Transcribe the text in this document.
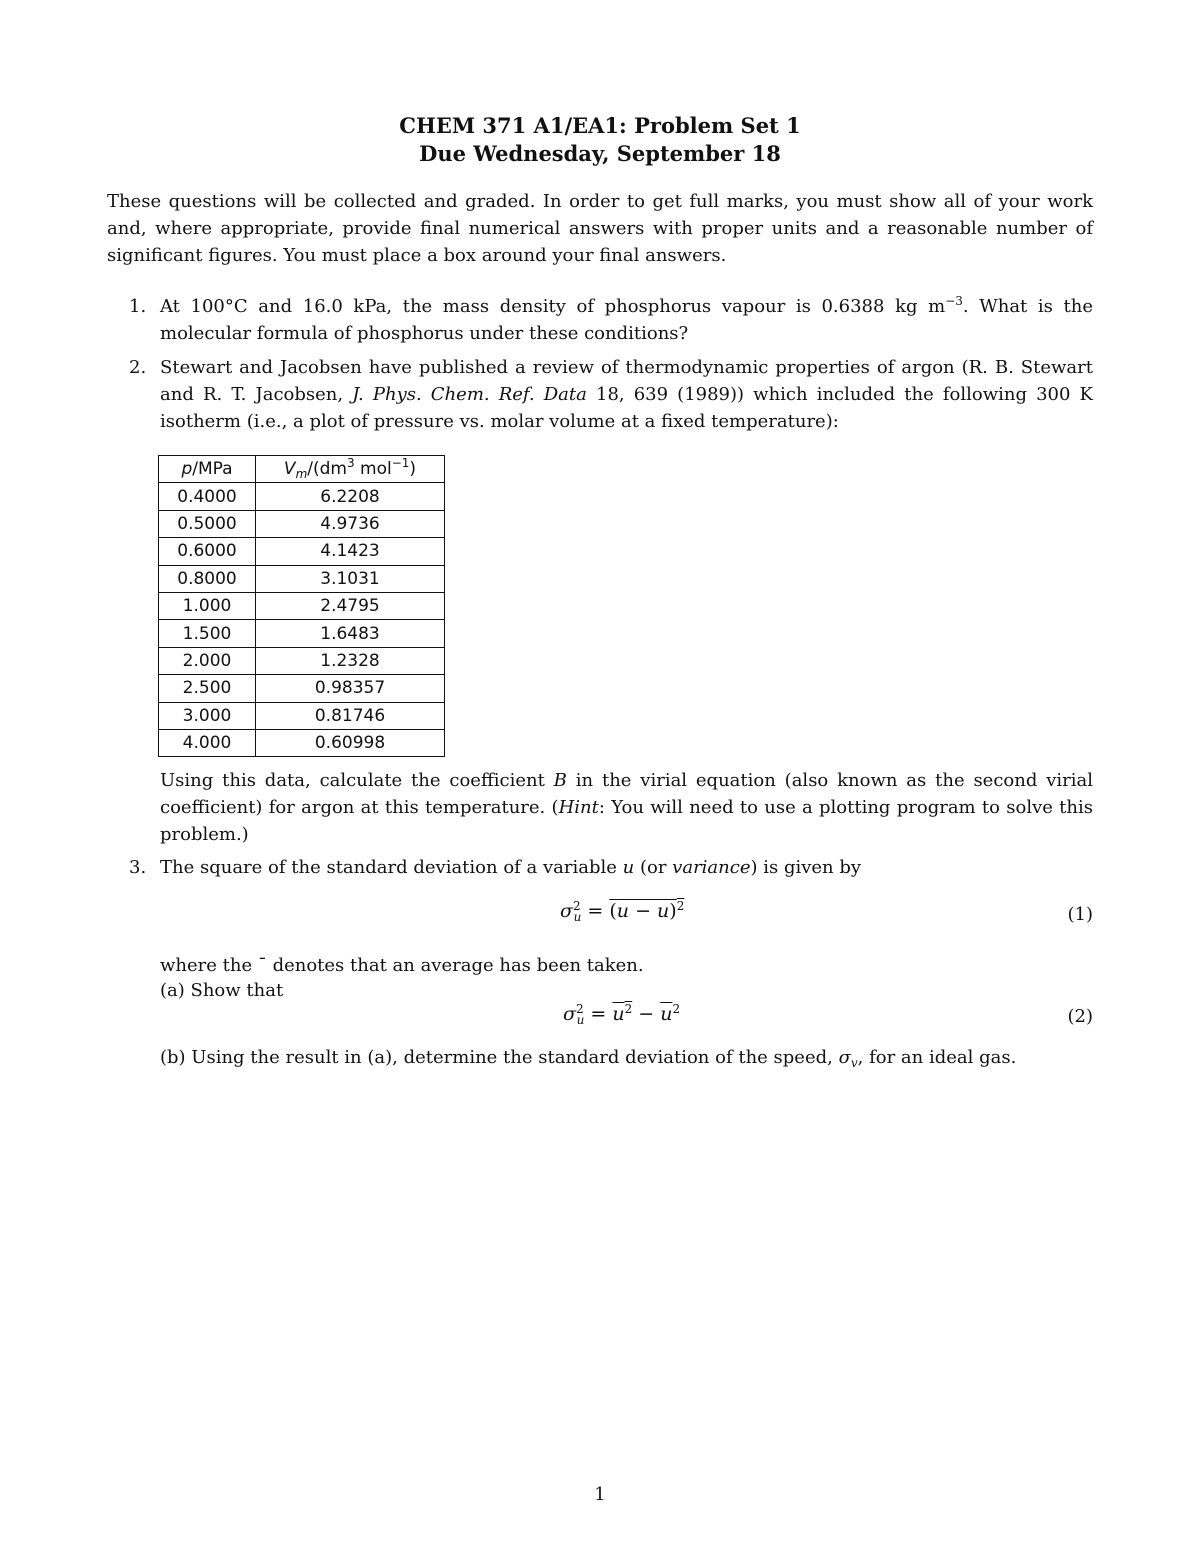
CHEM 371 A1/EA1: Problem Set 1
Due Wednesday, September 18
These questions will be collected and graded. In order to get full marks, you must show all of your work and, where appropriate, provide final numerical answers with proper units and a reasonable number of significant figures. You must place a box around your final answers.
1. At 100°C and 16.0 kPa, the mass density of phosphorus vapour is 0.6388 kg $m^{-3}$. What is the molecular formula of phosphorus under these conditions?
2. Stewart and Jacobsen have published a review of thermodynamic properties of argon (R. B. Stewart and R. T. Jacobsen, J. Phys. Chem. Ref. Data 18, 639 (1989)) which included the following 300 K isotherm (i.e., a plot of pressure vs. molar volume at a fixed temperature):
p/MPa	$V_m/(dm^3$ mol$^{-1}$)
0.4000	6.2208
0.5000	4.9736
0.6000	4.1423
0.8000	3.1031
1.000	2.4795
1.500	1.6483
2.000	1.2328
2.500	0.98357
3.000	0.81746
4.000	0.60998
Using this data, calculate the coefficient B in the virial equation (also known as the second virial coefficient) for argon at this temperature. (Hint: You will need to use a plotting program to solve this problem.)
3. The square of the standard deviation of a variable u (or variance) is given by
$\sigma^2_u = (u - u)^2$	(1)
where the ¯ denotes that an average has been taken.
(a) Show that
$\sigma^2_u = u^2 - \overline{u}^2$	(2)
(b) Using the result in (a), determine the standard deviation of the speed, $\sigma_v$, for an ideal gas.
1
